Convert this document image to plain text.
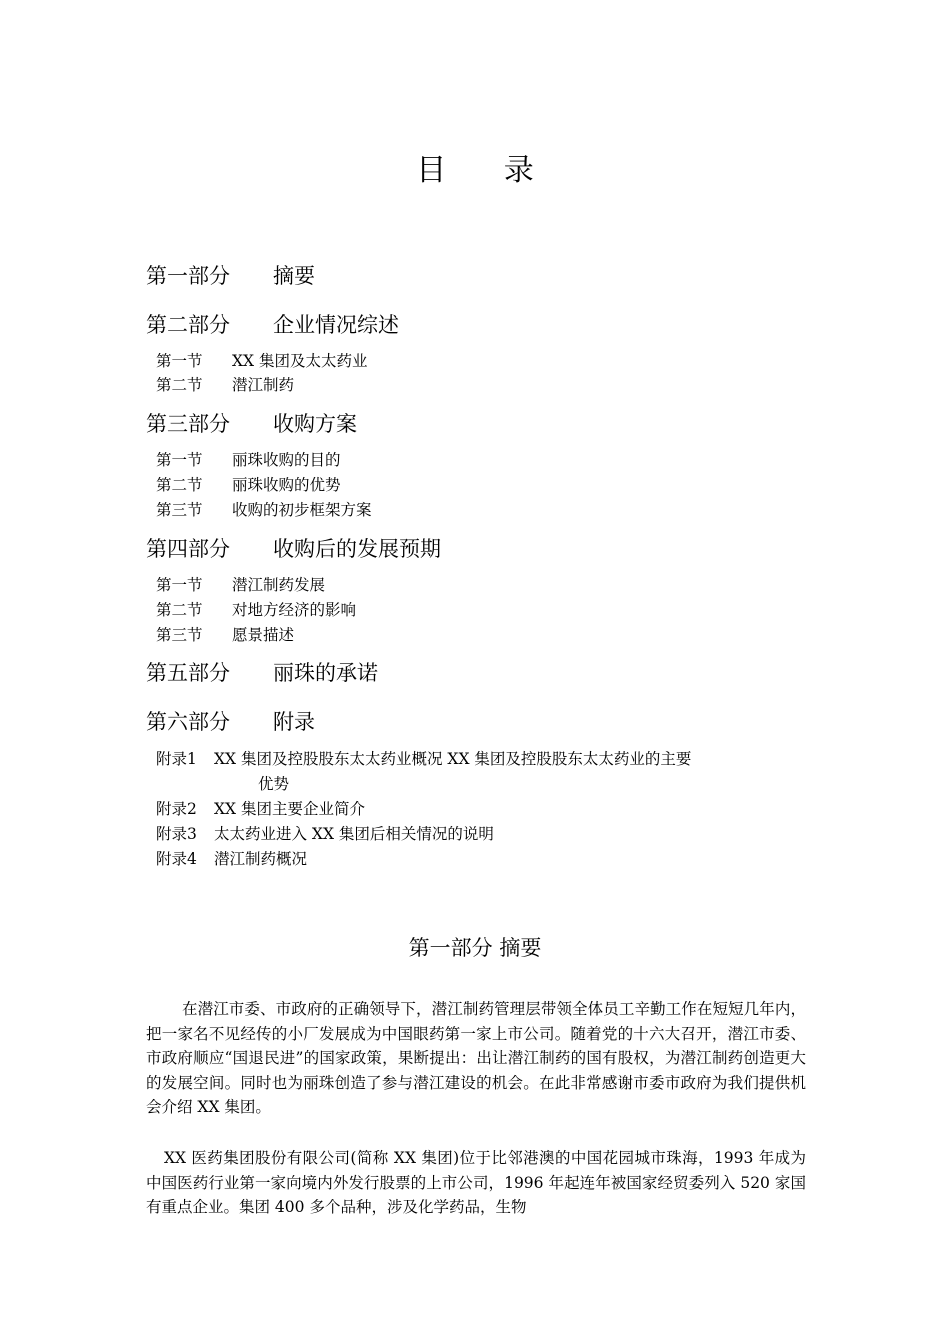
目 录
第一部分 摘要
第二部分 企业情况综述
第一节 XX 集团及太太药业
第二节 潜江制药
第三部分 收购方案
第一节 丽珠收购的目的
第二节 丽珠收购的优势
第三节 收购的初步框架方案
第四部分 收购后的发展预期
第一节 潜江制药发展
第二节 对地方经济的影响
第三节 愿景描述
第五部分 丽珠的承诺
第六部分 附录
附录1 XX 集团及控股股东太太药业概况 XX 集团及控股股东太太药业的主要
优势
附录2 XX 集团主要企业简介
附录3 太太药业进入 XX 集团后相关情况的说明
附录4 潜江制药概况
第一部分 摘要
在潜江市委、市政府的正确领导下，潜江制药管理层带领全体员工辛勤工作在短短几年内，把一家名不见经传的小厂发展成为中国眼药第一家上市公司。随着党的十六大召开，潜江市委、市政府顺应“国退民进”的国家政策，果断提出：出让潜江制药的国有股权，为潜江制药创造更大的发展空间。同时也为丽珠创造了参与潜江建设的机会。在此非常感谢市委市政府为我们提供机会介绍 XX 集团。
XX 医药集团股份有限公司(简称 XX 集团)位于比邻港澳的中国花园城市珠海，1993 年成为中国医药行业第一家向境内外发行股票的上市公司，1996 年起连年被国家经贸委列入 520 家国有重点企业。集团 400 多个品种，涉及化学药品，生物
